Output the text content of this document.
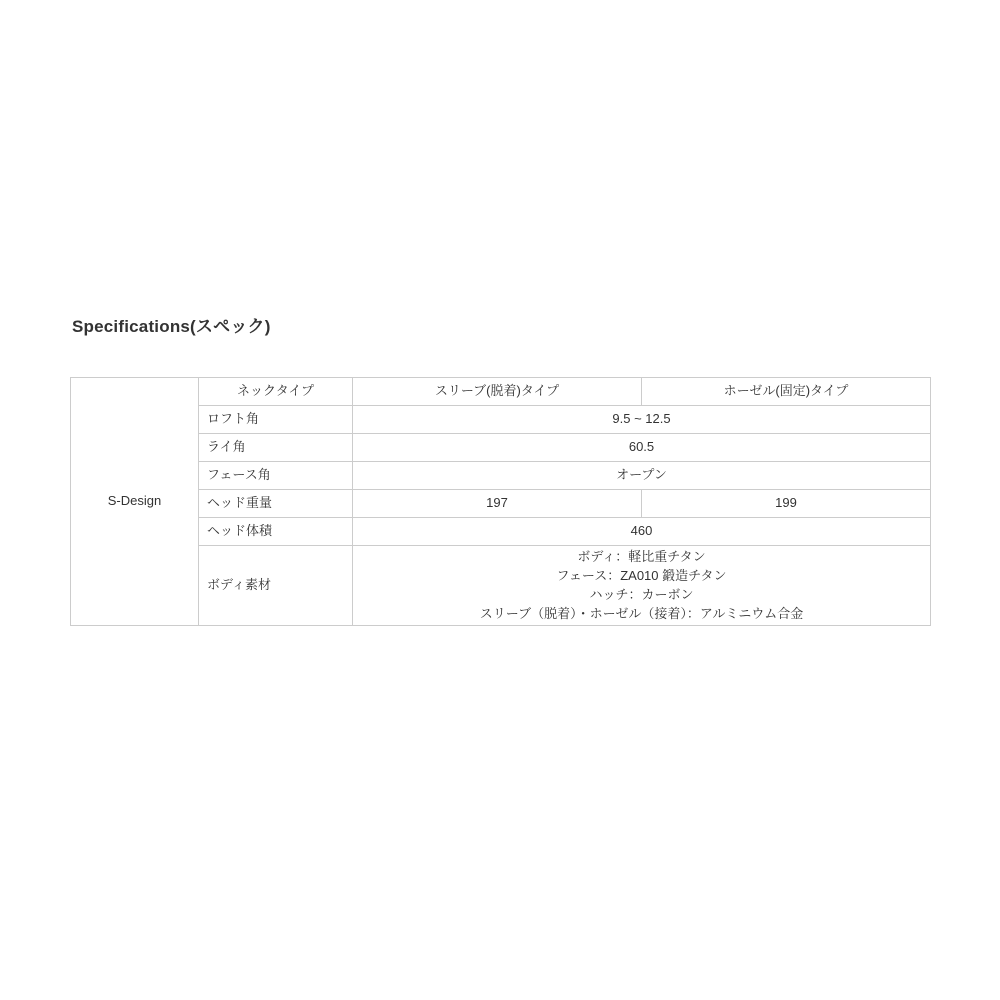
Specifications(スペック)
S-Design	ネックタイプ	スリーブ(脱着)タイプ	ホーゼル(固定)タイプ
	ロフト角	9.5 ~ 12.5	
	ライ角	60.5	
	フェース角	オープン	
	ヘッド重量	197	199
	ヘッド体積	460	
	ボディ素材	ボディ：軽比重チタン
フェース：ZA010 鍛造チタン
ハッチ：カーボン
スリーブ（脱着）・ホーゼル（接着）：アルミニウム合金	
